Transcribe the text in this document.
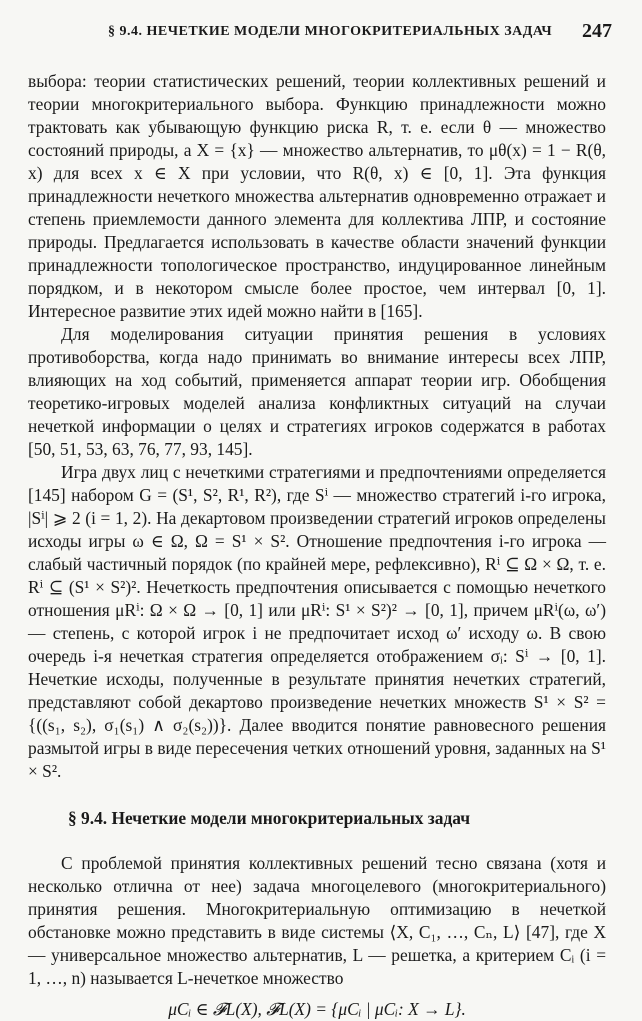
§ 9.4. НЕЧЕТКИЕ МОДЕЛИ МНОГОКРИТЕРИАЛЬНЫХ ЗАДАЧ 247

выбора: теории статистических решений, теории коллективных решений и теории многокритериального выбора. Функцию принадлежности можно трактовать как убывающую функцию риска R, т. е. если θ — множество состояний природы, а X = {x} — множество альтернатив, то μθ(x) = 1 − R(θ, x) для всех x ∈ X при условии, что R(θ, x) ∈ [0, 1]. Эта функция принадлежности нечеткого множества альтернатив одновременно отражает и степень приемлемости данного элемента для коллектива ЛПР, и состояние природы. Предлагается использовать в качестве области значений функции принадлежности топологическое пространство, индуцированное линейным порядком, и в некотором смысле более простое, чем интервал [0, 1]. Интересное развитие этих идей можно найти в [165].

Для моделирования ситуации принятия решения в условиях противоборства, когда надо принимать во внимание интересы всех ЛПР, влияющих на ход событий, применяется аппарат теории игр. Обобщения теоретико-игровых моделей анализа конфликтных ситуаций на случаи нечеткой информации о целях и стратегиях игроков содержатся в работах [50, 51, 53, 63, 76, 77, 93, 145].

Игра двух лиц с нечеткими стратегиями и предпочтениями определяется [145] набором G = (S¹, S², R¹, R²), где Sⁱ — множество стратегий i-го игрока, |Sⁱ| ⩾ 2 (i = 1, 2). На декартовом произведении стратегий игроков определены исходы игры ω ∈ Ω, Ω = S¹ × S². Отношение предпочтения i-го игрока — слабый частичный порядок (по крайней мере, рефлексивно), Rⁱ ⊆ Ω × Ω, т. е. Rⁱ ⊆ (S¹ × S²)². Нечеткость предпочтения описывается с помощью нечеткого отношения μRⁱ: Ω × Ω → [0, 1] или μRⁱ: S¹ × S²)² → [0, 1], причем μRⁱ(ω, ω′) — степень, с которой игрок i не предпочитает исход ω′ исходу ω. В свою очередь i-я нечеткая стратегия определяется отображением σᵢ: Sⁱ → [0, 1]. Нечеткие исходы, полученные в результате принятия нечетких стратегий, представляют собой декартово произведение нечетких множеств S¹ × S² = {((s₁, s₂), σ₁(s₁) ∧ σ₂(s₂))}. Далее вводится понятие равновесного решения размытой игры в виде пересечения четких отношений уровня, заданных на S¹ × S².

§ 9.4. Нечеткие модели многокритериальных задач

С проблемой принятия коллективных решений тесно связана (хотя и несколько отлична от нее) задача многоцелевого (многокритериального) принятия решения. Многокритериальную оптимизацию в нечеткой обстановке можно представить в виде системы ⟨X, C₁, …, Cₙ, L⟩ [47], где X — универсальное множество альтернатив, L — решетка, а критерием Cᵢ (i = 1, …, n) называется L-нечеткое множество

μCᵢ ∈ 𝓕L(X), 𝓕L(X) = {μCᵢ | μCᵢ: X → L}.
